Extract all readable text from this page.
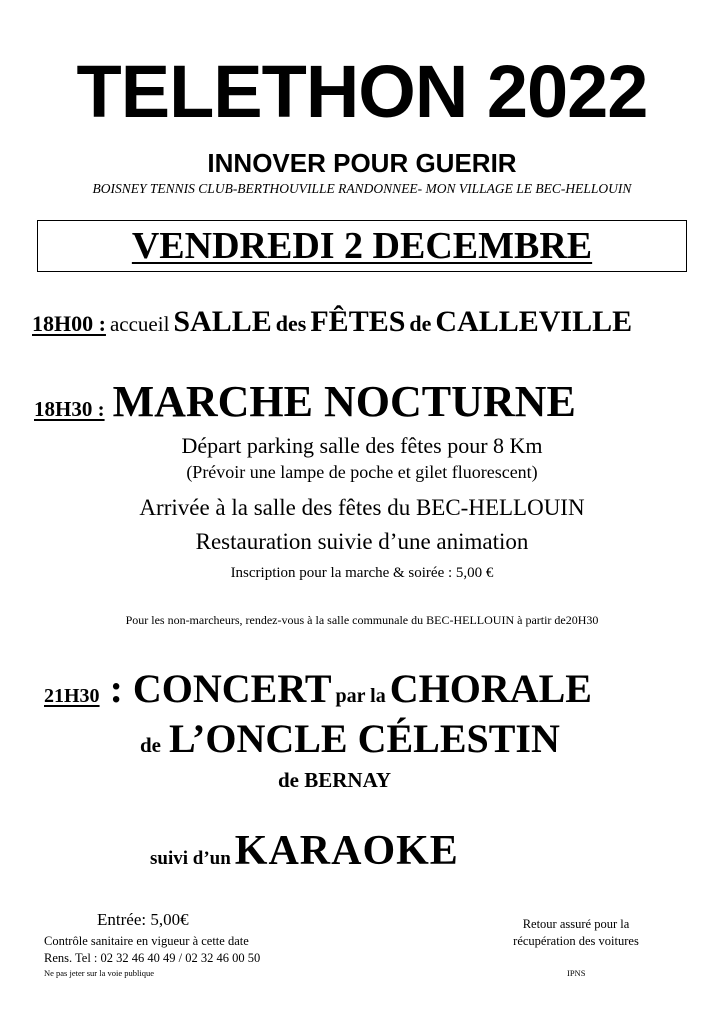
TELETHON 2022
INNOVER POUR GUERIR
BOISNEY TENNIS CLUB-BERTHOUVILLE RANDONNEE- MON VILLAGE LE BEC-HELLOUIN
VENDREDI 2 DECEMBRE
18H00 : accueil SALLE des FÊTES de CALLEVILLE
18H30 : MARCHE NOCTURNE
Départ parking salle des fêtes pour 8 Km
(Prévoir une lampe de poche et gilet fluorescent)
Arrivée à la salle des fêtes du BEC-HELLOUIN
Restauration suivie d’une animation
Inscription pour la marche & soirée : 5,00 €
Pour les non-marcheurs, rendez-vous à la salle communale du BEC-HELLOUIN à partir de20H30
21H30 : CONCERT par la CHORALE
de L’ONCLE CÉLESTIN
de BERNAY
suivi d’un KARAOKE
Entrée: 5,00€
Contrôle sanitaire en vigueur à cette date
Rens. Tel : 02 32 46 40 49 / 02 32 46 00 50
Ne pas jeter sur la voie publique
Retour assuré pour la
récupération des voitures
IPNS
